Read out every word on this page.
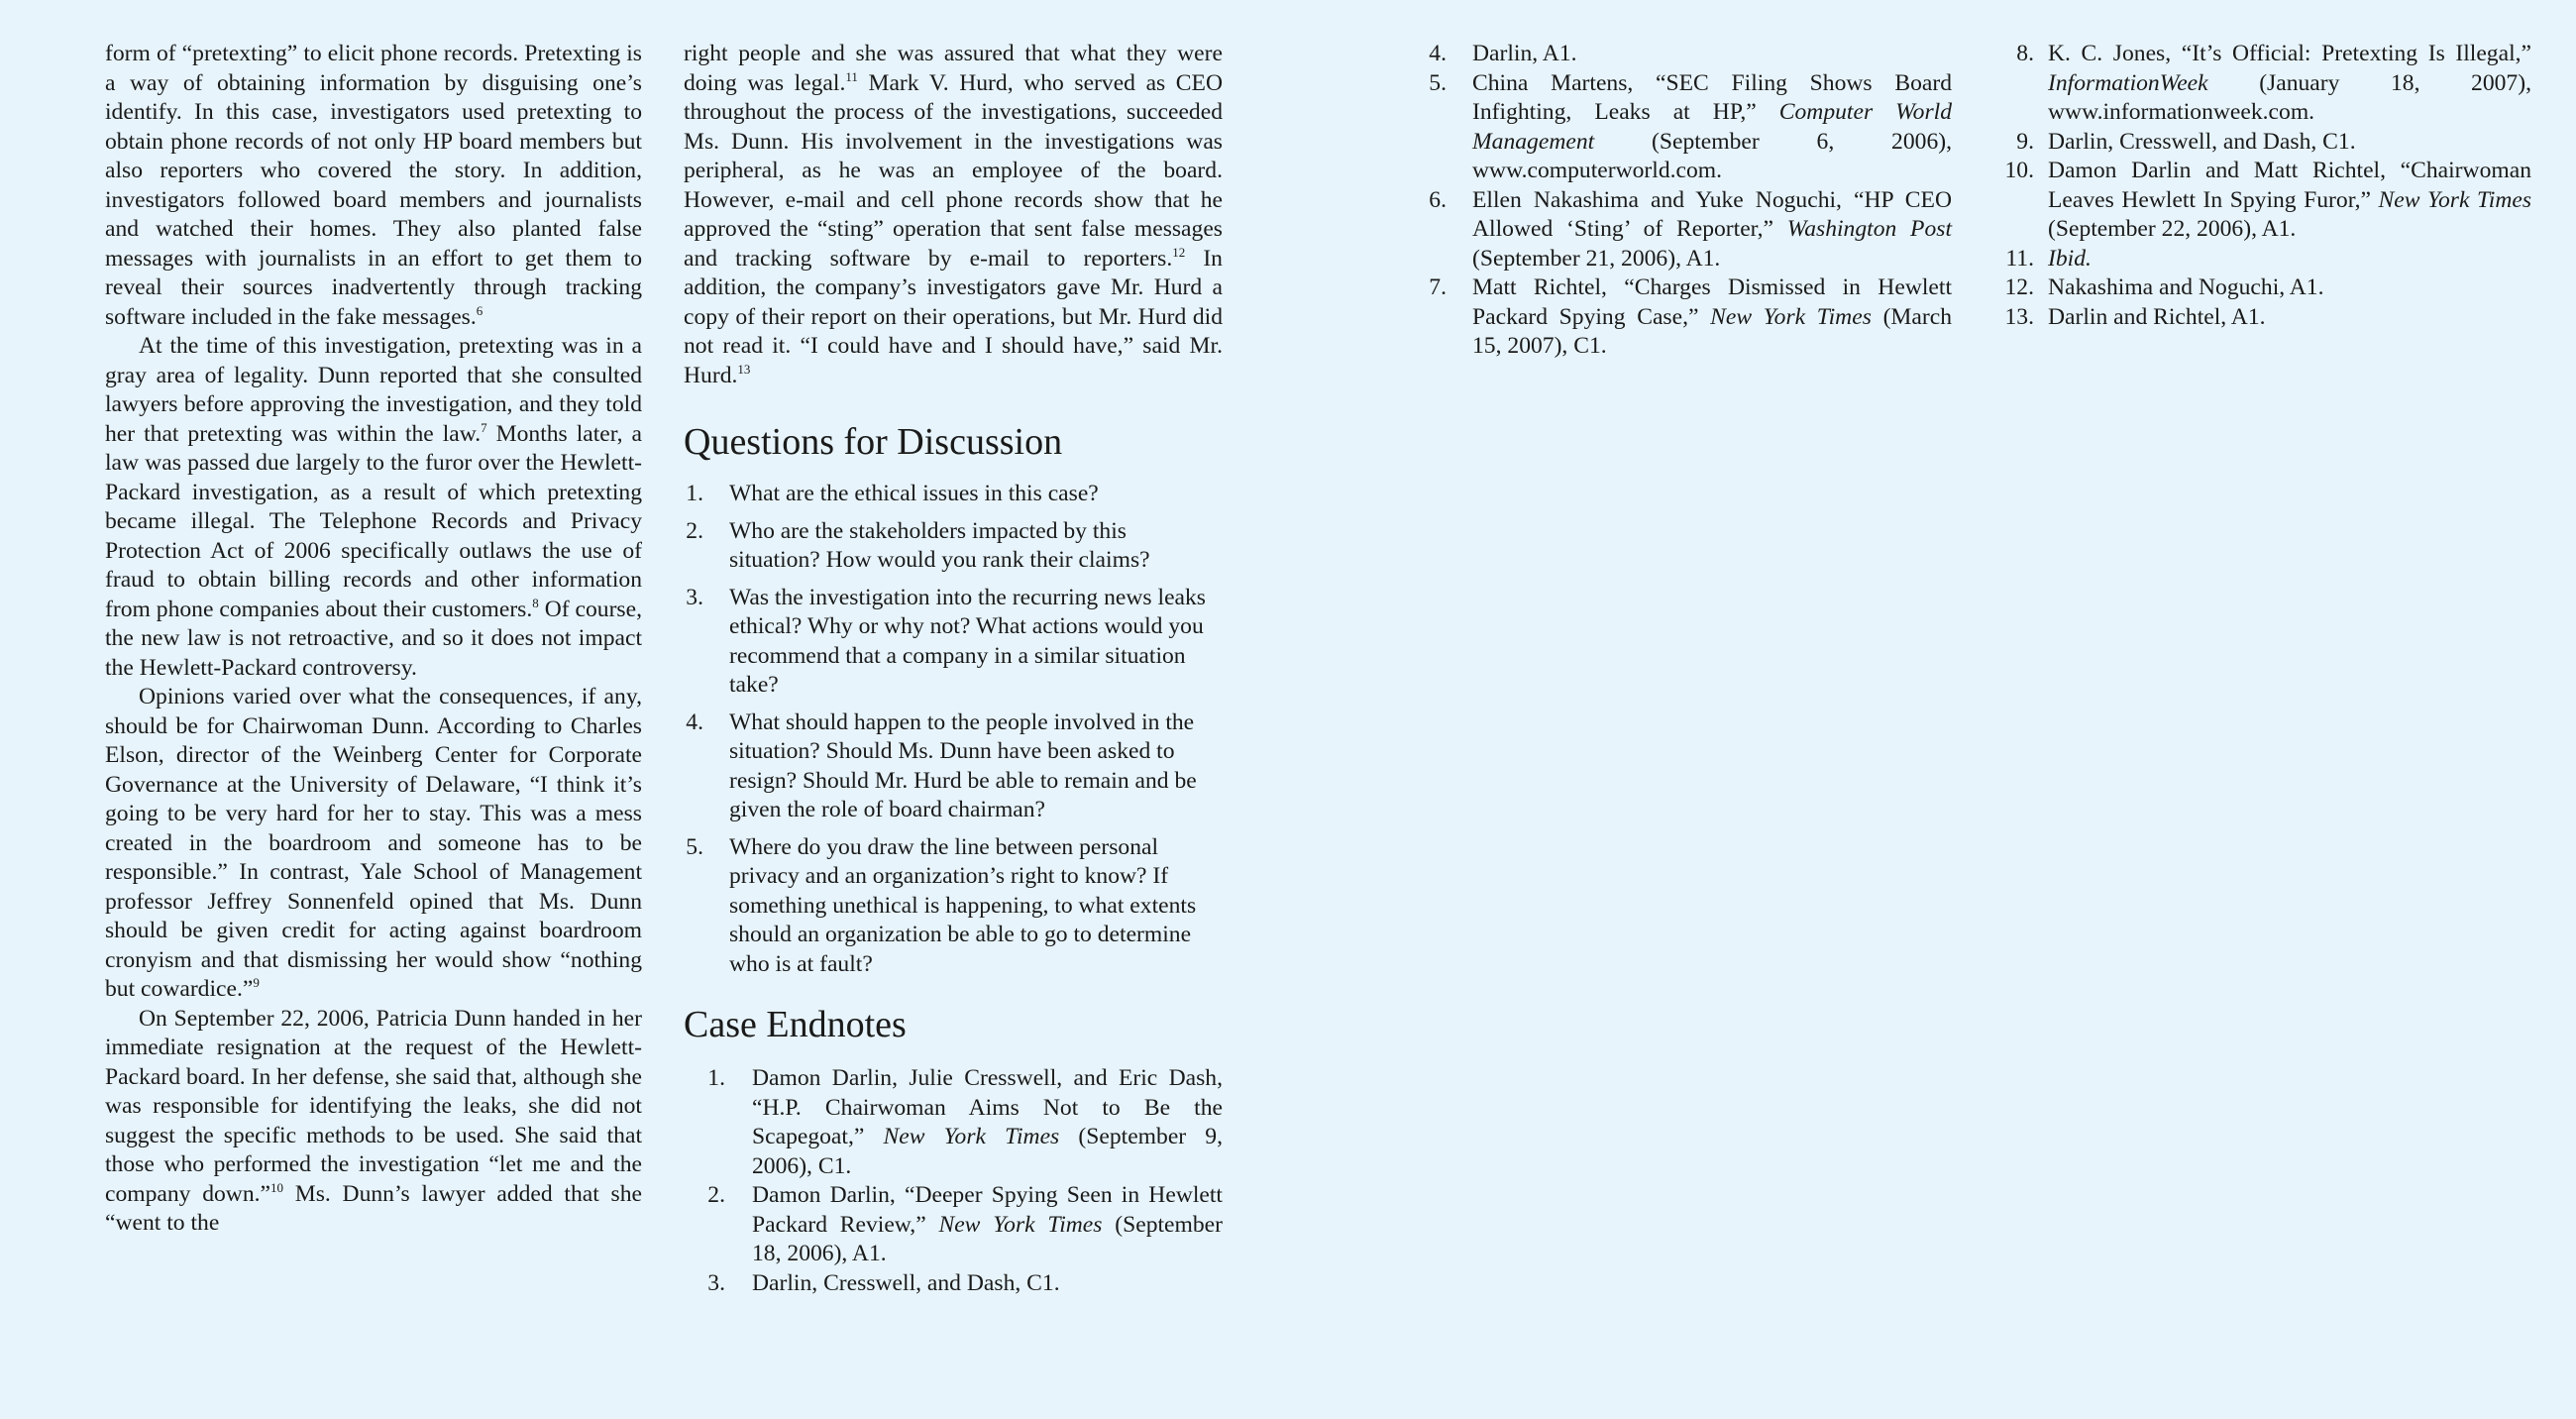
form of “pretexting” to elicit phone records. Pretexting is a way of obtaining information by disguising one’s identify. In this case, investigators used pretexting to obtain phone records of not only HP board members but also reporters who covered the story. In addition, investigators followed board members and journalists and watched their homes. They also planted false messages with journalists in an effort to get them to reveal their sources inadvertently through tracking software included in the fake messages.$^6$

At the time of this investigation, pretexting was in a gray area of legality. Dunn reported that she consulted lawyers before approving the investigation, and they told her that pretexting was within the law.$^7$ Months later, a law was passed due largely to the furor over the Hewlett-Packard investigation, as a result of which pretexting became illegal. The Telephone Records and Privacy Protection Act of 2006 specifically outlaws the use of fraud to obtain billing records and other information from phone companies about their customers.$^8$ Of course, the new law is not retroactive, and so it does not impact the Hewlett-Packard controversy.

Opinions varied over what the consequences, if any, should be for Chairwoman Dunn. According to Charles Elson, director of the Weinberg Center for Corporate Governance at the University of Delaware, “I think it’s going to be very hard for her to stay. This was a mess created in the boardroom and someone has to be responsible.” In contrast, Yale School of Management professor Jeffrey Sonnenfeld opined that Ms. Dunn should be given credit for acting against boardroom cronyism and that dismissing her would show “nothing but cowardice.”$^9$

On September 22, 2006, Patricia Dunn handed in her immediate resignation at the request of the Hewlett-Packard board. In her defense, she said that, although she was responsible for identifying the leaks, she did not suggest the specific methods to be used. She said that those who performed the investigation “let me and the company down.”$^{10}$ Ms. Dunn’s lawyer added that she “went to the

right people and she was assured that what they were doing was legal.$^{11}$ Mark V. Hurd, who served as CEO throughout the process of the investigations, succeeded Ms. Dunn. His involvement in the investigations was peripheral, as he was an employee of the board. However, e-mail and cell phone records show that he approved the “sting” operation that sent false messages and tracking software by e-mail to reporters.$^{12}$ In addition, the company’s investigators gave Mr. Hurd a copy of their report on their operations, but Mr. Hurd did not read it. “I could have and I should have,” said Mr. Hurd.$^{13}$

Questions for Discussion
1. What are the ethical issues in this case?
2. Who are the stakeholders impacted by this situation? How would you rank their claims?
3. Was the investigation into the recurring news leaks ethical? Why or why not? What actions would you recommend that a company in a similar situation take?
4. What should happen to the people involved in the situation? Should Ms. Dunn have been asked to resign? Should Mr. Hurd be able to remain and be given the role of board chairman?
5. Where do you draw the line between personal privacy and an organization’s right to know? If something unethical is happening, to what extents should an organization be able to go to determine who is at fault?
Case Endnotes
1. Damon Darlin, Julie Cresswell, and Eric Dash, “H.P. Chairwoman Aims Not to Be the Scapegoat,” New York Times (September 9, 2006), C1.
2. Damon Darlin, “Deeper Spying Seen in Hewlett Packard Review,” New York Times (September 18, 2006), A1.
3. Darlin, Cresswell, and Dash, C1.
4. Darlin, A1.
5. China Martens, “SEC Filing Shows Board Infighting, Leaks at HP,” Computer World Management (September 6, 2006), www.computerworld.com.
6. Ellen Nakashima and Yuke Noguchi, “HP CEO Allowed ‘Sting’ of Reporter,” Washington Post (September 21, 2006), A1.
7. Matt Richtel, “Charges Dismissed in Hewlett Packard Spying Case,” New York Times (March 15, 2007), C1.
8. K. C. Jones, “It’s Official: Pretexting Is Illegal,” InformationWeek (January 18, 2007), www.informationweek.com.
9. Darlin, Cresswell, and Dash, C1.
10. Damon Darlin and Matt Richtel, “Chairwoman Leaves Hewlett In Spying Furor,” New York Times (September 22, 2006), A1.
11. Ibid.
12. Nakashima and Noguchi, A1.
13. Darlin and Richtel, A1.
